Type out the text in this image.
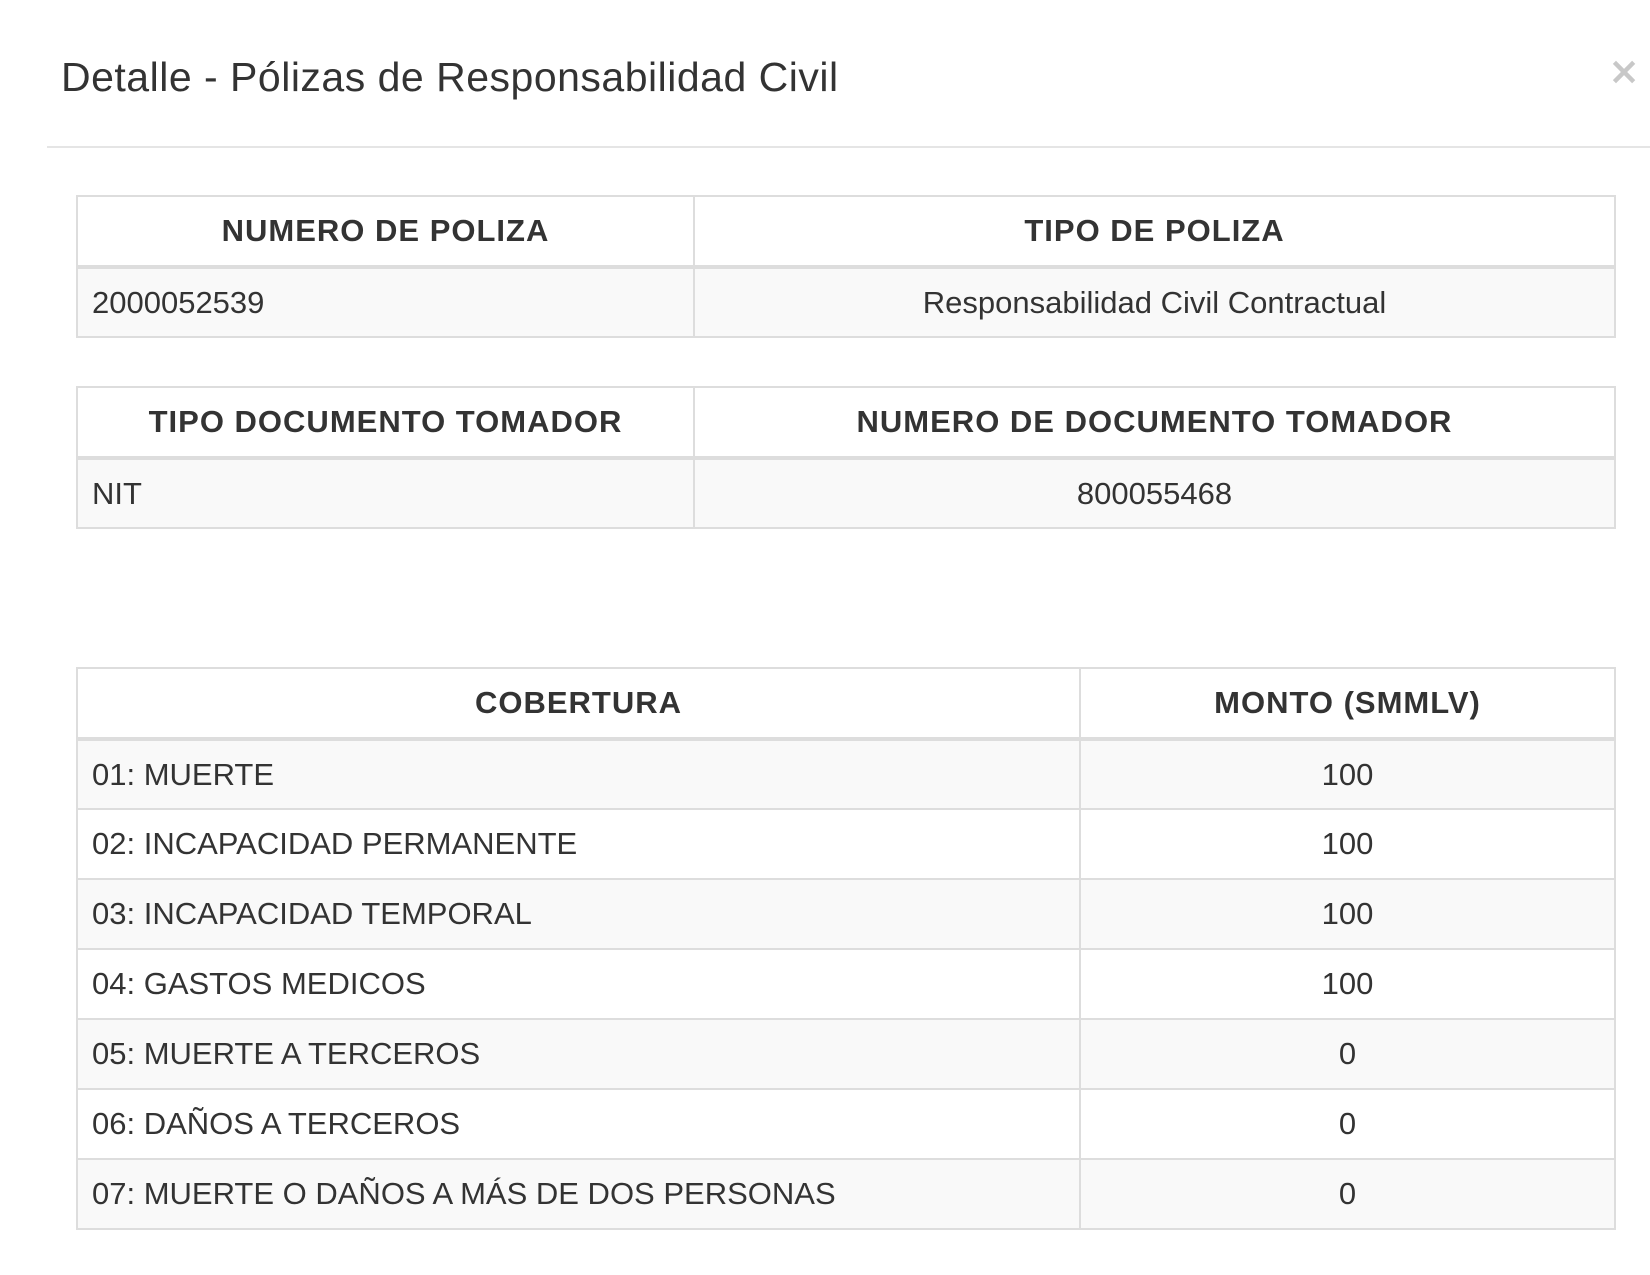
Detalle - Pólizas de Responsabilidad Civil	×
NUMERO DE POLIZA	TIPO DE POLIZA
2000052539	Responsabilidad Civil Contractual
TIPO DOCUMENTO TOMADOR	NUMERO DE DOCUMENTO TOMADOR
NIT	800055468
COBERTURA	MONTO (SMMLV)
01: MUERTE	100
02: INCAPACIDAD PERMANENTE	100
03: INCAPACIDAD TEMPORAL	100
04: GASTOS MEDICOS	100
05: MUERTE A TERCEROS	0
06: DAÑOS A TERCEROS	0
07: MUERTE O DAÑOS A MÁS DE DOS PERSONAS	0
